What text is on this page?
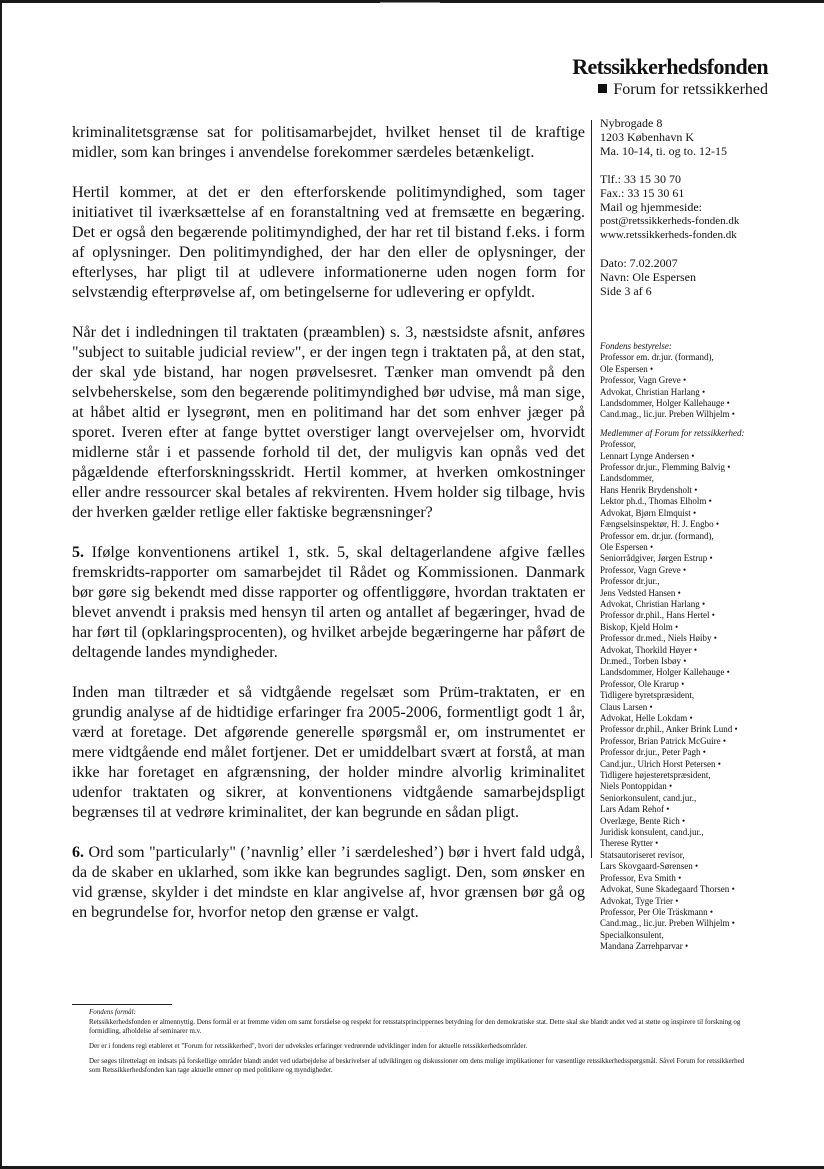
Retssikkerhedsfonden
Forum for retssikkerhed

kriminalitetsgrænse sat for politisamarbejdet, hvilket henset til de kraftige midler, som kan bringes i anvendelse forekommer særdeles betænkeligt.

Hertil kommer, at det er den efterforskende politimyndighed, som tager initiativet til iværksættelse af en foranstaltning ved at fremsætte en begæring. Det er også den begærende politimyndighed, der har ret til bistand f.eks. i form af oplysninger. Den politimyndighed, der har den eller de oplysninger, der efterlyses, har pligt til at udlevere informationerne uden nogen form for selvstændig efterprøvelse af, om betingelserne for udlevering er opfyldt.

Når det i indledningen til traktaten (præamblen) s. 3, næstsidste afsnit, anføres "subject to suitable judicial review", er der ingen tegn i traktaten på, at den stat, der skal yde bistand, har nogen prøvelsesret. Tænker man omvendt på den selvbeherskelse, som den begærende politimyndighed bør udvise, må man sige, at håbet altid er lysegrønt, men en politimand har det som enhver jæger på sporet. Iveren efter at fange byttet overstiger langt overvejelser om, hvorvidt midlerne står i et passende forhold til det, der muligvis kan opnås ved det pågældende efterforskningsskridt. Hertil kommer, at hverken omkostninger eller andre ressourcer skal betales af rekvirenten. Hvem holder sig tilbage, hvis der hverken gælder retlige eller faktiske begrænsninger?

5. Ifølge konventionens artikel 1, stk. 5, skal deltagerlandene afgive fælles fremskridts-rapporter om samarbejdet til Rådet og Kommissionen. Danmark bør gøre sig bekendt med disse rapporter og offentliggøre, hvordan traktaten er blevet anvendt i praksis med hensyn til arten og antallet af begæringer, hvad de har ført til (opklaringsprocenten), og hvilket arbejde begæringerne har påført de deltagende landes myndigheder.

Inden man tiltræder et så vidtgående regelsæt som Prüm-traktaten, er en grundig analyse af de hidtidige erfaringer fra 2005-2006, formentligt godt 1 år, værd at foretage. Det afgørende generelle spørgsmål er, om instrumentet er mere vidtgående end målet fortjener. Det er umiddelbart svært at forstå, at man ikke har foretaget en afgrænsning, der holder mindre alvorlig kriminalitet udenfor traktaten og sikrer, at konventionens vidtgående samarbejdspligt begrænses til at vedrøre kriminalitet, der kan begrunde en sådan pligt.

6. Ord som "particularly" (’navnlig’ eller ’i særdeleshed’) bør i hvert fald udgå, da de skaber en uklarhed, som ikke kan begrundes sagligt. Den, som ønsker en vid grænse, skylder i det mindste en klar angivelse af, hvor grænsen bør gå og en begrundelse for, hvorfor netop den grænse er valgt.

Nybrogade 8
1203 København K
Ma. 10-14, ti. og to. 12-15
Tlf.: 33 15 30 70
Fax.: 33 15 30 61
Mail og hjemmeside:
post@retssikkerheds-fonden.dk
www.retssikkerheds-fonden.dk
Dato: 7.02.2007
Navn: Ole Espersen
Side 3 af 6
Fondens bestyrelse:
Professor em. dr.jur. (formand),
Ole Espersen •
Professor, Vagn Greve •
Advokat, Christian Harlang •
Landsdommer, Holger Kallehauge •
Cand.mag., lic.jur. Preben Wilhjelm •
Medlemmer af Forum for retssikkerhed:
Professor,
Lennart Lynge Andersen •
Professor dr.jur., Flemming Balvig •
Landsdommer,
Hans Henrik Brydensholt •
Lektor ph.d., Thomas Elholm •
Advokat, Bjørn Elmquist •
Fængselsinspektør, H. J. Engbo •
Professor em. dr.jur. (formand),
Ole Espersen •
Seniorrådgiver, Jørgen Estrup •
Professor, Vagn Greve •
Professor dr.jur.,
Jens Vedsted Hansen •
Advokat, Christian Harlang •
Professor dr.phil., Hans Hertel •
Biskop, Kjeld Holm •
Professor dr.med., Niels Høiby •
Advokat, Thorkild Høyer •
Dr.med., Torben Isbøy •
Landsdommer, Holger Kallehauge •
Professor, Ole Krarup •
Tidligere byretspræsident,
Claus Larsen •
Advokat, Helle Lokdam •
Professor dr.phil., Anker Brink Lund •
Professor, Brian Patrick McGuire •
Professor dr.jur., Peter Pagh •
Cand.jur., Ulrich Horst Petersen •
Tidligere højesteretspræsident,
Niels Pontoppidan •
Seniorkonsulent, cand.jur.,
Lars Adam Rehof •
Overlæge, Bente Rich •
Juridisk konsulent, cand.jur.,
Therese Rytter •
Statsautoriseret revisor,
Lars Skovgaard-Sørensen •
Professor, Eva Smith •
Advokat, Sune Skadegaard Thorsen •
Advokat, Tyge Trier •
Professor, Per Ole Träskmann •
Cand.mag., lic.jur. Preben Wilhjelm •
Specialkonsulent,
Mandana Zarrehparvar •
Fondens formål:

Retssikkerhedsfonden er almennyttig. Dens formål er at fremme viden om samt forståelse og respekt for retsstatsprincippernes betydning for den demokratiske stat. Dette skal ske blandt andet ved at støtte og inspirere til forskning og formidling, afholdelse af seminarer m.v.

Der er i fondens regi etableret et "Forum for retssikkerhed", hvori der udveksles erfaringer vedrørende udviklinger inden for aktuelle retssikkerhedsområder.

Der søges tilrettelagt en indsats på forskellige områder blandt andet ved udarbejdelse af beskrivelser af udviklingen og diskussioner om dens mulige implikationer for væsentlige retssikkerhedsspørgsmål. Såvel Forum for retssikkerhed som Retssikkerhedsfonden kan tage aktuelle emner op med politikere og myndigheder.
